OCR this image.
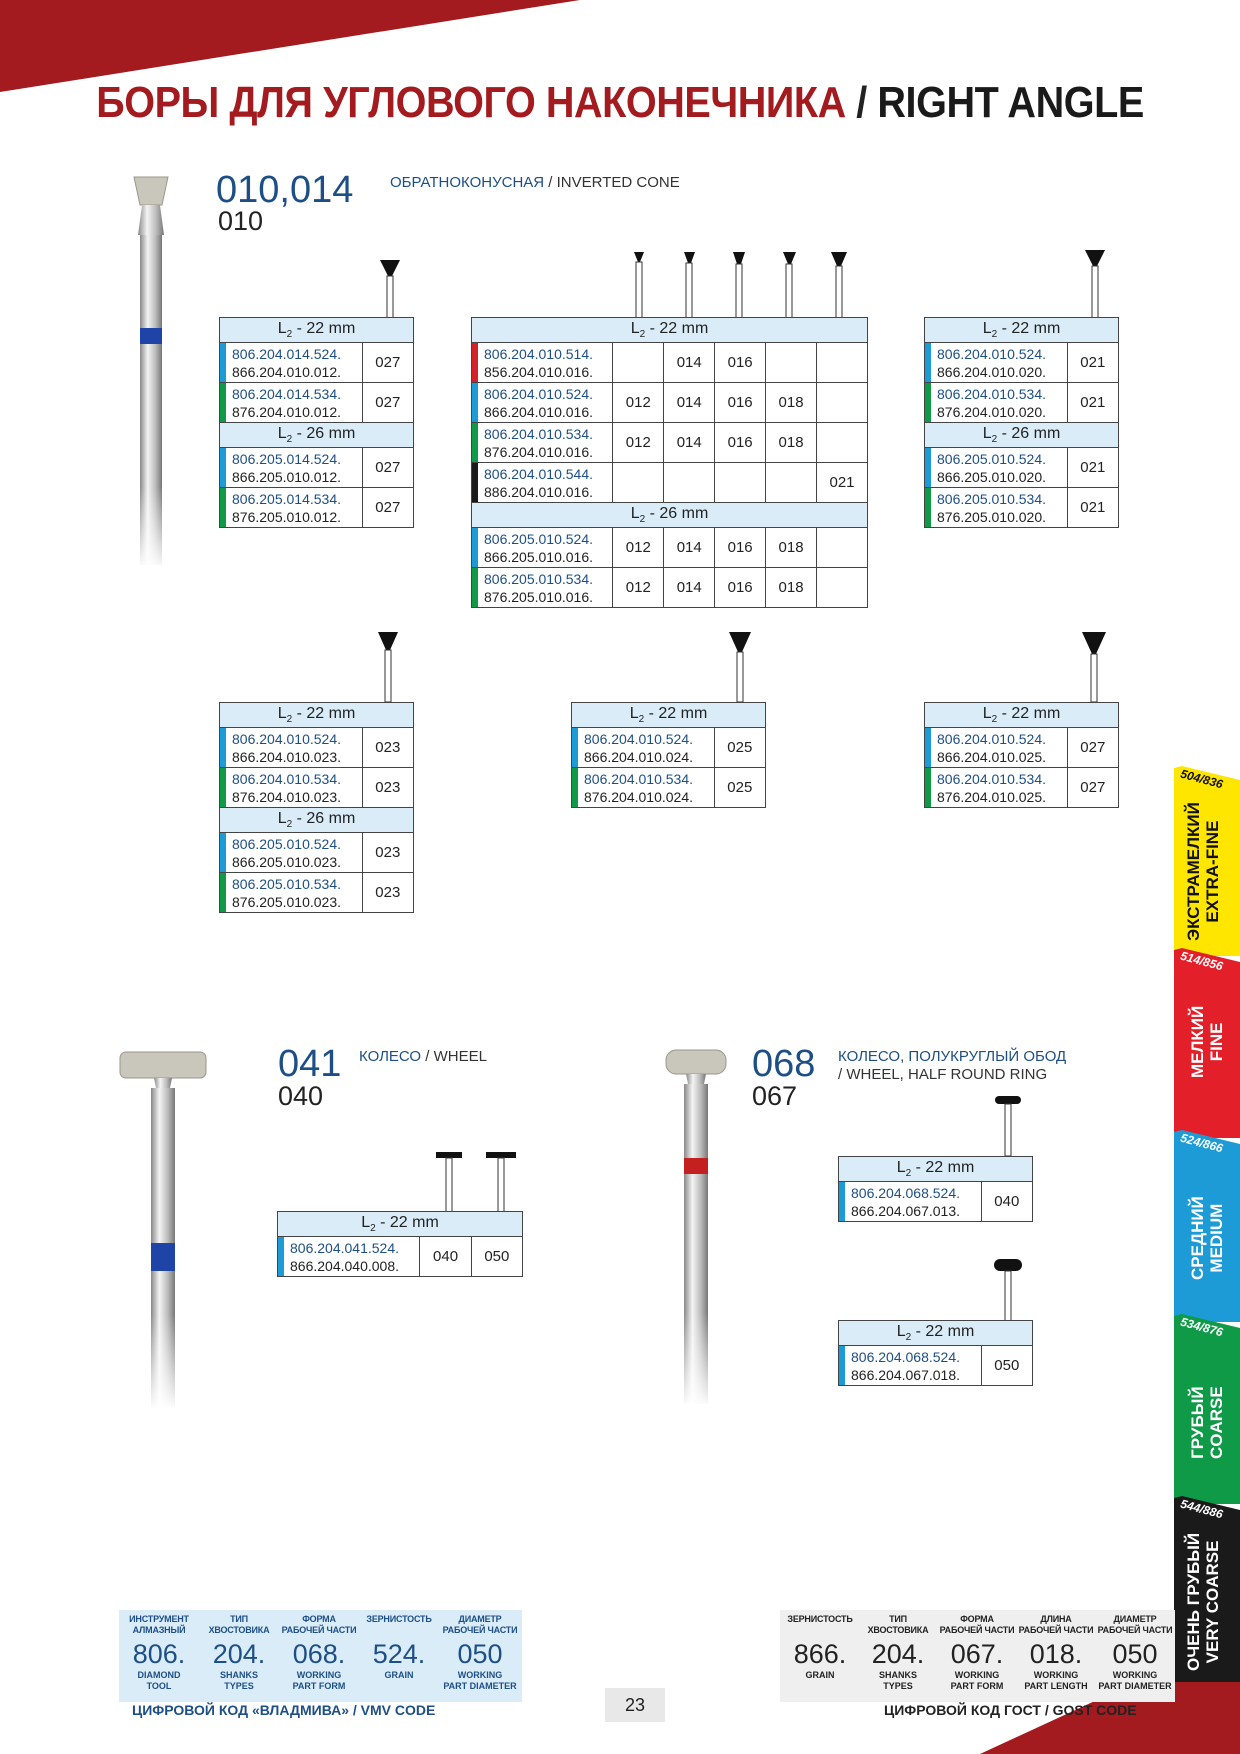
БОРЫ ДЛЯ УГЛОВОГО НАКОНЕЧНИКА / RIGHT ANGLE
010,014
010
ОБРАТНОКОНУСНАЯ / INVERTED CONE
$L_2 - 22$ mm	

806.204.014.524.
866.204.010.012.	027

806.204.014.534.
876.204.010.012.	027
$L_2 - 26$ mm	

806.205.014.524.
866.205.010.012.	027

806.205.014.534.
876.205.010.012.	027
$L_2 - 22$ mm					

806.204.010.514.
856.204.010.016.		014	016		

806.204.010.524.
866.204.010.016.	012	014	016	018	

806.204.010.534.
876.204.010.016.	012	014	016	018	

806.204.010.544.
886.204.010.016.					021
$L_2 - 26$ mm					

806.205.010.524.
866.205.010.016.	012	014	016	018	

806.205.010.534.
876.205.010.016.	012	014	016	018	
$L_2 - 22$ mm	

806.204.010.524.
866.204.010.020.	021

806.204.010.534.
876.204.010.020.	021
$L_2 - 26$ mm	

806.205.010.524.
866.205.010.020.	021

806.205.010.534.
876.205.010.020.	021
$L_2 - 22$ mm	

806.204.010.524.
866.204.010.023.	023

806.204.010.534.
876.204.010.023.	023
$L_2 - 26$ mm	

806.205.010.524.
866.205.010.023.	023

806.205.010.534.
876.205.010.023.	023
$L_2 - 22$ mm	

806.204.010.524.
866.204.010.024.	025

806.204.010.534.
876.204.010.024.	025
$L_2 - 22$ mm	

806.204.010.524.
866.204.010.025.	027

806.204.010.534.
876.204.010.025.	027
041
040
КОЛЕСО / WHEEL
$L_2 - 22$ mm

806.204.041.524.
866.204.040.008.
	040	050
068
067
КОЛЕСО, ПОЛУКРУГЛЫЙ ОБОД
/ WHEEL, HALF ROUND RING
$L_2 - 22$ mm

806.204.068.524.
866.204.067.013.
	040
$L_2 - 22$ mm

806.204.068.524.
866.204.067.018.
	050
504/836
ЭКСТРАМЕЛКИЙ
EXTRA-FINE
514/856
МЕЛКИЙ
FINE
524/866
СРЕДНИЙ
MEDIUM
534/876
ГРУБЫЙ
COARSE
544/886
ОЧЕНЬ ГРУБЫЙ
VERY COARSE
ИНСТРУМЕНТ
АЛМАЗНЫЙ
806.
DIAMOND
TOOL
ТИП
ХВОСТОВИКА
204.
SHANKS
TYPES
ФОРМА
РАБОЧЕЙ ЧАСТИ
068.
WORKING
PART FORM
ЗЕРНИСТОСТЬ

524.
GRAIN

ДИАМЕТР
РАБОЧЕЙ ЧАСТИ
050
WORKING
PART DIAMETER
ЦИФРОВОЙ КОД «ВЛАДМИВА» / VMV CODE
ЗЕРНИСТОСТЬ

866.
GRAIN

ТИП
ХВОСТОВИКА
204.
SHANKS
TYPES
ФОРМА
РАБОЧЕЙ ЧАСТИ
067.
WORKING
PART FORM
ДЛИНА
РАБОЧЕЙ ЧАСТИ
018.
WORKING
PART LENGTH
ДИАМЕТР
РАБОЧЕЙ ЧАСТИ
050
WORKING
PART DIAMETER
ЦИФРОВОЙ КОД ГОСТ / GOST CODE
23
